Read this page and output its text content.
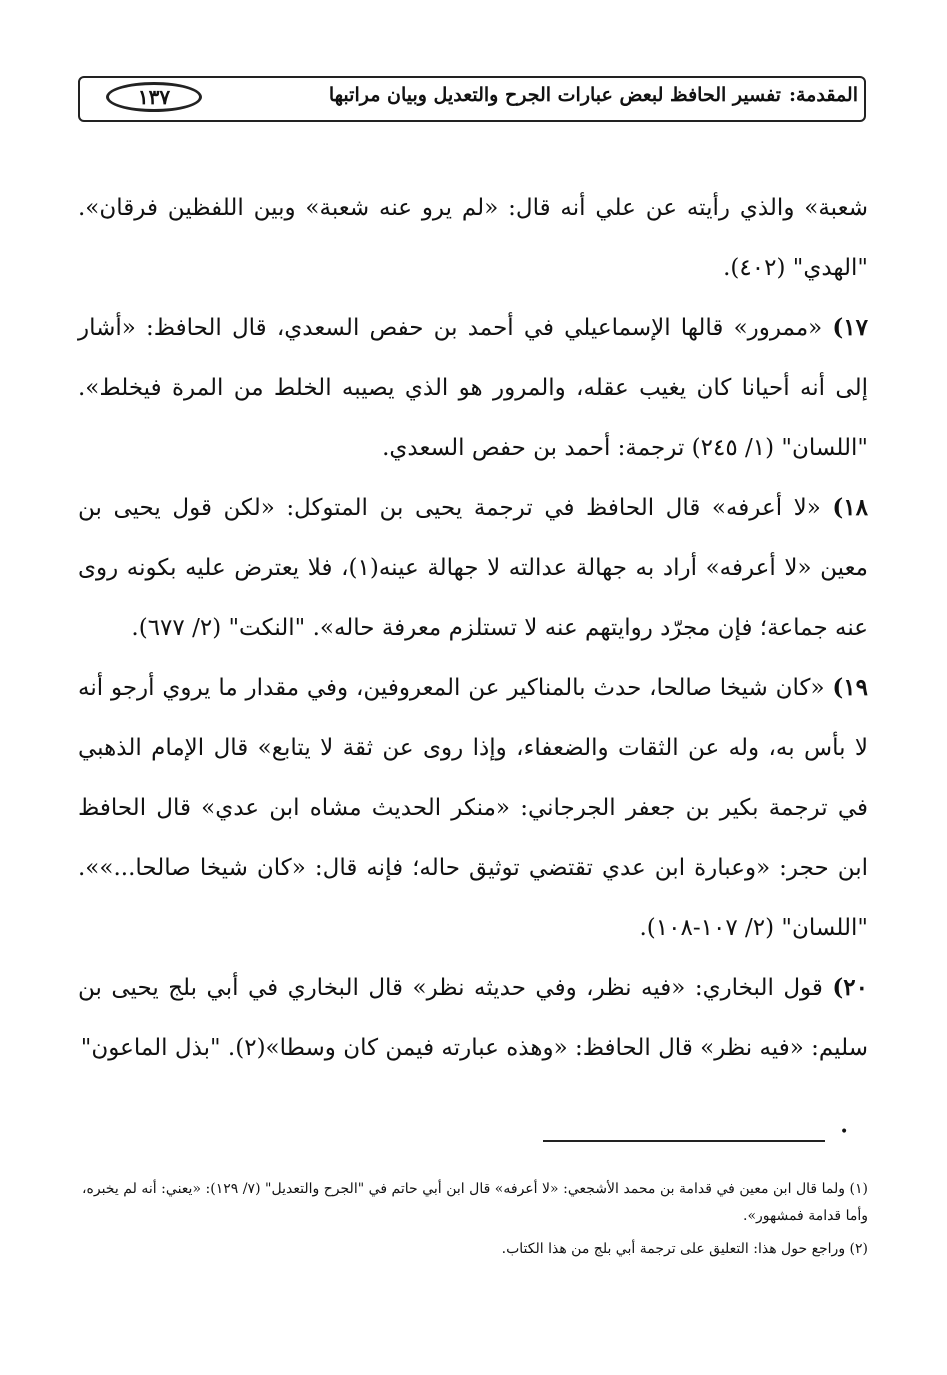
المقدمة:تفسير الحافظ لبعض عبارات الجرح والتعديل وبيان مراتبها
١٣٧

شعبة» والذي رأيته عن علي أنه قال: «لم يرو عنه شعبة» وبين اللفظين فرقان». "الهدي" (٤٠٢).

١٧) «ممرور» قالها الإسماعيلي في أحمد بن حفص السعدي، قال الحافظ: «أشار إلى أنه أحيانا كان يغيب عقله، والمرور هو الذي يصيبه الخلط من المرة فيخلط». "اللسان" (١/ ٢٤٥) ترجمة: أحمد بن حفص السعدي.

١٨) «لا أعرفه» قال الحافظ في ترجمة يحيى بن المتوكل: «لكن قول يحيى بن معين «لا أعرفه» أراد به جهالة عدالته لا جهالة عينه(١)، فلا يعترض عليه بكونه روى عنه جماعة؛ فإن مجرّد روايتهم عنه لا تستلزم معرفة حاله». "النكت" (٢/ ٦٧٧).

١٩) «كان شيخا صالحا، حدث بالمناكير عن المعروفين، وفي مقدار ما يروي أرجو أنه لا بأس به، وله عن الثقات والضعفاء، وإذا روى عن ثقة لا يتابع» قال الإمام الذهبي في ترجمة بكير بن جعفر الجرجاني: «منكر الحديث مشاه ابن عدي» قال الحافظ ابن حجر: «وعبارة ابن عدي تقتضي توثيق حاله؛ فإنه قال: «كان شيخا صالحا...»». "اللسان" (٢/ ١٠٧-١٠٨).

٢٠) قول البخاري: «فيه نظر، وفي حديثه نظر» قال البخاري في أبي بلج يحيى بن سليم: «فيه نظر» قال الحافظ: «وهذه عبارته فيمن كان وسطا»(٢). "بذل الماعون"

•

(١) ولما قال ابن معين في قدامة بن محمد الأشجعي: «لا أعرفه» قال ابن أبي حاتم في "الجرح والتعديل" (٧/ ١٢٩): «يعني: أنه لم يخبره، وأما قدامة فمشهور».

(٢) وراجع حول هذا: التعليق على ترجمة أبي بلج من هذا الكتاب.
